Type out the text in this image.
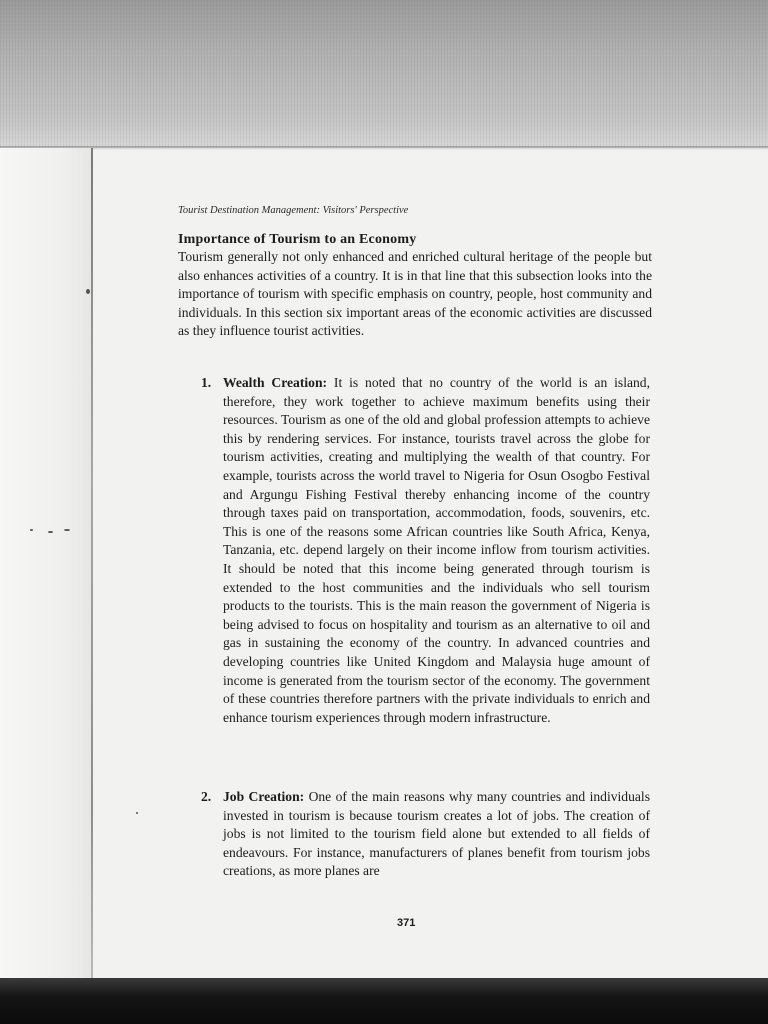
Tourist Destination Management: Visitors' Perspective
Importance of Tourism to an Economy
Tourism generally not only enhanced and enriched cultural heritage of the people but also enhances activities of a country. It is in that line that this subsection looks into the importance of tourism with specific emphasis on country, people, host community and individuals. In this section six important areas of the economic activities are discussed as they influence tourist activities.
1. Wealth Creation: It is noted that no country of the world is an island, therefore, they work together to achieve maximum benefits using their resources. Tourism as one of the old and global profession attempts to achieve this by rendering services. For instance, tourists travel across the globe for tourism activities, creating and multiplying the wealth of that country. For example, tourists across the world travel to Nigeria for Osun Osogbo Festival and Argungu Fishing Festival thereby enhancing income of the country through taxes paid on transportation, accommodation, foods, souvenirs, etc. This is one of the reasons some African countries like South Africa, Kenya, Tanzania, etc. depend largely on their income inflow from tourism activities. It should be noted that this income being generated through tourism is extended to the host communities and the individuals who sell tourism products to the tourists. This is the main reason the government of Nigeria is being advised to focus on hospitality and tourism as an alternative to oil and gas in sustaining the economy of the country. In advanced countries and developing countries like United Kingdom and Malaysia huge amount of income is generated from the tourism sector of the economy. The government of these countries therefore partners with the private individuals to enrich and enhance tourism experiences through modern infrastructure.
2. Job Creation: One of the main reasons why many countries and individuals invested in tourism is because tourism creates a lot of jobs. The creation of jobs is not limited to the tourism field alone but extended to all fields of endeavours. For instance, manufacturers of planes benefit from tourism jobs creations, as more planes are
371
